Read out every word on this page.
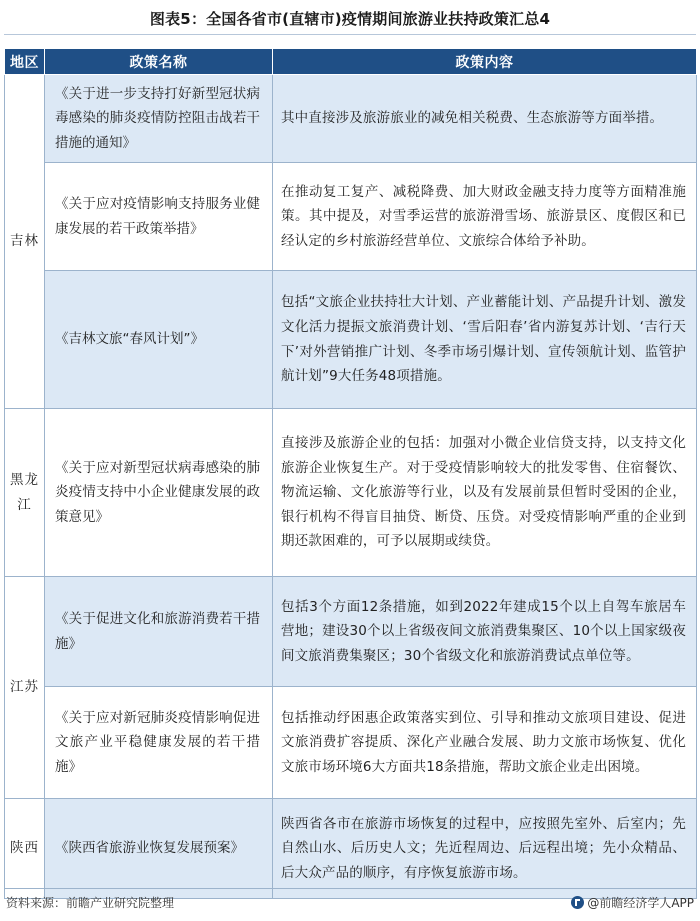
图表5：全国各省市(直辖市)疫情期间旅游业扶持政策汇总4
地区	政策名称	政策内容
吉林	《关于进一步支持打好新型冠状病毒感染的肺炎疫情防控阻击战若干措施的通知》	其中直接涉及旅游旅业的减免相关税费、生态旅游等方面举措。
	《关于应对疫情影响支持服务业健康发展的若干政策举措》	在推动复工复产、减税降费、加大财政金融支持力度等方面精准施策。其中提及，对雪季运营的旅游滑雪场、旅游景区、度假区和已经认定的乡村旅游经营单位、文旅综合体给予补助。
	《吉林文旅“春风计划”》	包括“文旅企业扶持壮大计划、产业蓄能计划、产品提升计划、激发文化活力提振文旅消费计划、‘雪后阳春’省内游复苏计划、‘吉行天下’对外营销推广计划、冬季市场引爆计划、宣传领航计划、监管护航计划”9大任务48项措施。
黑龙江	《关于应对新型冠状病毒感染的肺炎疫情支持中小企业健康发展的政策意见》	直接涉及旅游企业的包括：加强对小微企业信贷支持，以支持文化旅游企业恢复生产。对于受疫情影响较大的批发零售、住宿餐饮、物流运输、文化旅游等行业，以及有发展前景但暂时受困的企业，银行机构不得盲目抽贷、断贷、压贷。对受疫情影响严重的企业到期还款困难的，可予以展期或续贷。
江苏	《关于促进文化和旅游消费若干措施》	包括3个方面12条措施，如到2022年建成15个以上自驾车旅居车营地；建设30个以上省级夜间文旅消费集聚区、10个以上国家级夜间文旅消费集聚区；30个省级文化和旅游消费试点单位等。
	《关于应对新冠肺炎疫情影响促进文旅产业平稳健康发展的若干措施》	包括推动纾困惠企政策落实到位、引导和推动文旅项目建设、促进文旅消费扩容提质、深化产业融合发展、助力文旅市场恢复、优化文旅市场环境6大方面共18条措施，帮助文旅企业走出困境。
陕西	《陕西省旅游业恢复发展预案》	陕西省各市在旅游市场恢复的过程中，应按照先室外、后室内；先自然山水、后历史人文；先近程周边、后远程出境；先小众精品、后大众产品的顺序，有序恢复旅游市场。
资料来源：前瞻产业研究院整理	@前瞻经济学人APP
